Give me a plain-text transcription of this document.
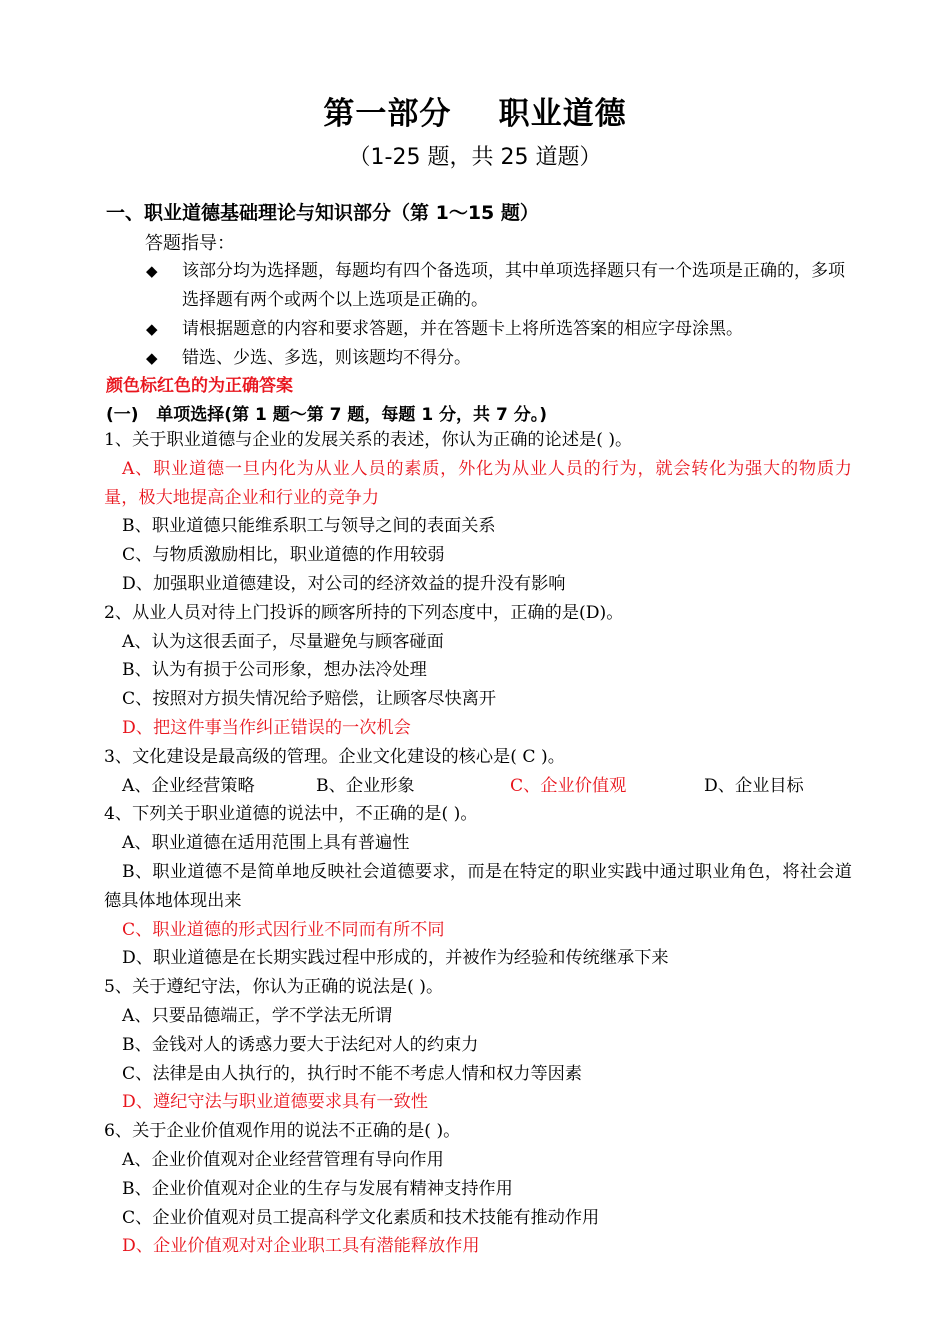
第一部分    职业道德
（1-25 题，共 25 道题）
一、职业道德基础理论与知识部分（第 1～15 题）
答题指导：
◆	该部分均为选择题，每题均有四个备选项，其中单项选择题只有一个选项是正确的，多项选择题有两个或两个以上选项是正确的。
◆	请根据题意的内容和要求答题，并在答题卡上将所选答案的相应字母涂黑。
◆	错选、少选、多选，则该题均不得分。
颜色标红色的为正确答案
(一)   单项选择(第 1 题～第 7 题，每题 1 分，共 7 分。)
1、关于职业道德与企业的发展关系的表述，你认为正确的论述是( )。
A、职业道德一旦内化为从业人员的素质，外化为从业人员的行为，就会转化为强大的物质力量，极大地提高企业和行业的竞争力
B、职业道德只能维系职工与领导之间的表面关系
C、与物质激励相比，职业道德的作用较弱
D、加强职业道德建设，对公司的经济效益的提升没有影响
2、从业人员对待上门投诉的顾客所持的下列态度中，正确的是(D)。
A、认为这很丢面子，尽量避免与顾客碰面
B、认为有损于公司形象，想办法冷处理
C、按照对方损失情况给予赔偿，让顾客尽快离开
D、把这件事当作纠正错误的一次机会
3、文化建设是最高级的管理。企业文化建设的核心是( C )。
A、企业经营策略	B、企业形象	C、企业价值观	D、企业目标
4、下列关于职业道德的说法中，不正确的是( )。
A、职业道德在适用范围上具有普遍性
B、职业道德不是简单地反映社会道德要求，而是在特定的职业实践中通过职业角色，将社会道德具体地体现出来
C、职业道德的形式因行业不同而有所不同
D、职业道德是在长期实践过程中形成的，并被作为经验和传统继承下来
5、关于遵纪守法，你认为正确的说法是( )。
A、只要品德端正，学不学法无所谓
B、金钱对人的诱惑力要大于法纪对人的约束力
C、法律是由人执行的，执行时不能不考虑人情和权力等因素
D、遵纪守法与职业道德要求具有一致性
6、关于企业价值观作用的说法不正确的是( )。
A、企业价值观对企业经营管理有导向作用
B、企业价值观对企业的生存与发展有精神支持作用
C、企业价值观对员工提高科学文化素质和技术技能有推动作用
D、企业价值观对对企业职工具有潜能释放作用
